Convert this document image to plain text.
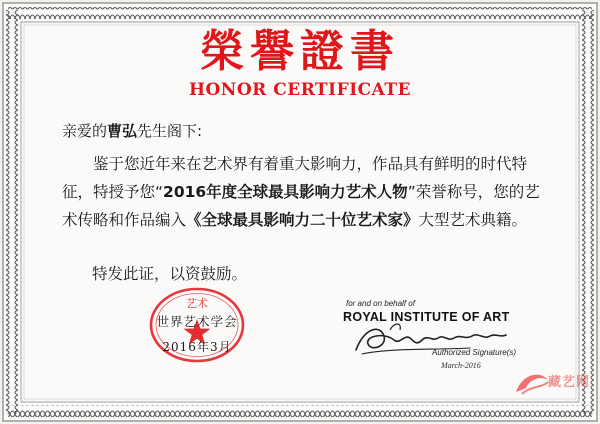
榮譽證書
HONOR CERTIFICATE
亲爱的曹弘先生阁下:
鉴于您近年来在艺术界有着重大影响力，作品具有鲜明的时代特征，特授予您“2016年度全球最具影响力艺术人物”荣誉称号，您的艺术传略和作品编入《全球最具影响力二十位艺术家》大型艺术典籍。
特发此证，以资鼓励。
艺术
世界艺术学会
2016年3月
for and on behalf of
ROYAL INSTITUTE OF ART
Authorized Signature(s)
March-2016
藏艺网
